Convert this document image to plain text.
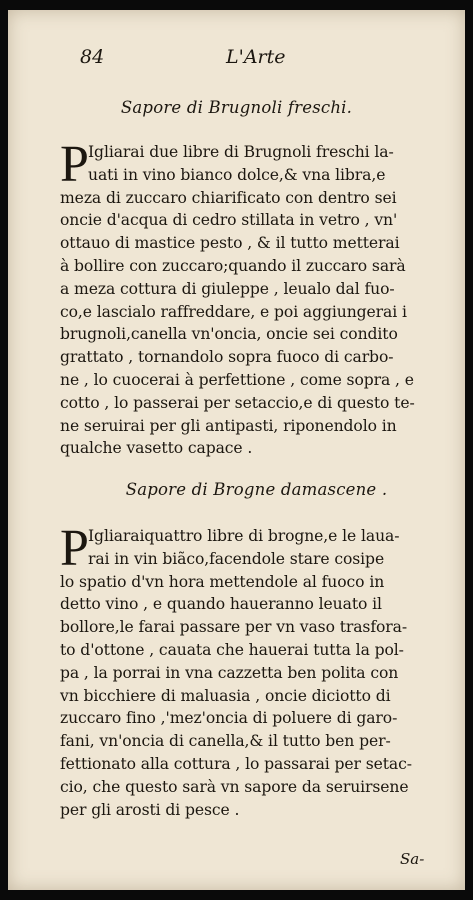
84	L'Arte
Sapore di Brugnoli freschi.
P Igliarai due libre di Brugnoli freschi la-
uati in vino bianco dolce,& vna libra,e
meza di zuccaro chiarificato con dentro sei
oncie d'acqua di cedro stillata in vetro , vn'
ottauo di mastice pesto , & il tutto metterai
à bollire con zuccaro;quando il zuccaro sarà
a meza cottura di giuleppe , leualo dal fuo-
co,e lascialo raffreddare, e poi aggiungerai i
brugnoli,canella vn'oncia, oncie sei condito
grattato , tornandolo sopra fuoco di carbo-
ne , lo cuocerai à perfettione , come sopra , e
cotto , lo passerai per setaccio,e di questo te-
ne seruirai per gli antipasti, riponendolo in
qualche vasetto capace .
Sapore di Brogne damascene .
P Igliaraiquattro libre di brogne,e le laua-
rai in vin biãco,facendole stare cosipe
lo spatio d'vn hora mettendole al fuoco in
detto vino , e quando haueranno leuato il
bollore,le farai passare per vn vaso trasfora-
to d'ottone , cauata che hauerai tutta la pol-
pa , la porrai in vna cazzetta ben polita con
vn bicchiere di maluasia , oncie diciotto di
zuccaro fino ,'mez'oncia di poluere di garo-
fani, vn'oncia di canella,& il tutto ben per-
fettionato alla cottura , lo passarai per setac-
cio, che questo sarà vn sapore da seruirsene
per gli arosti di pesce .
Sa-
